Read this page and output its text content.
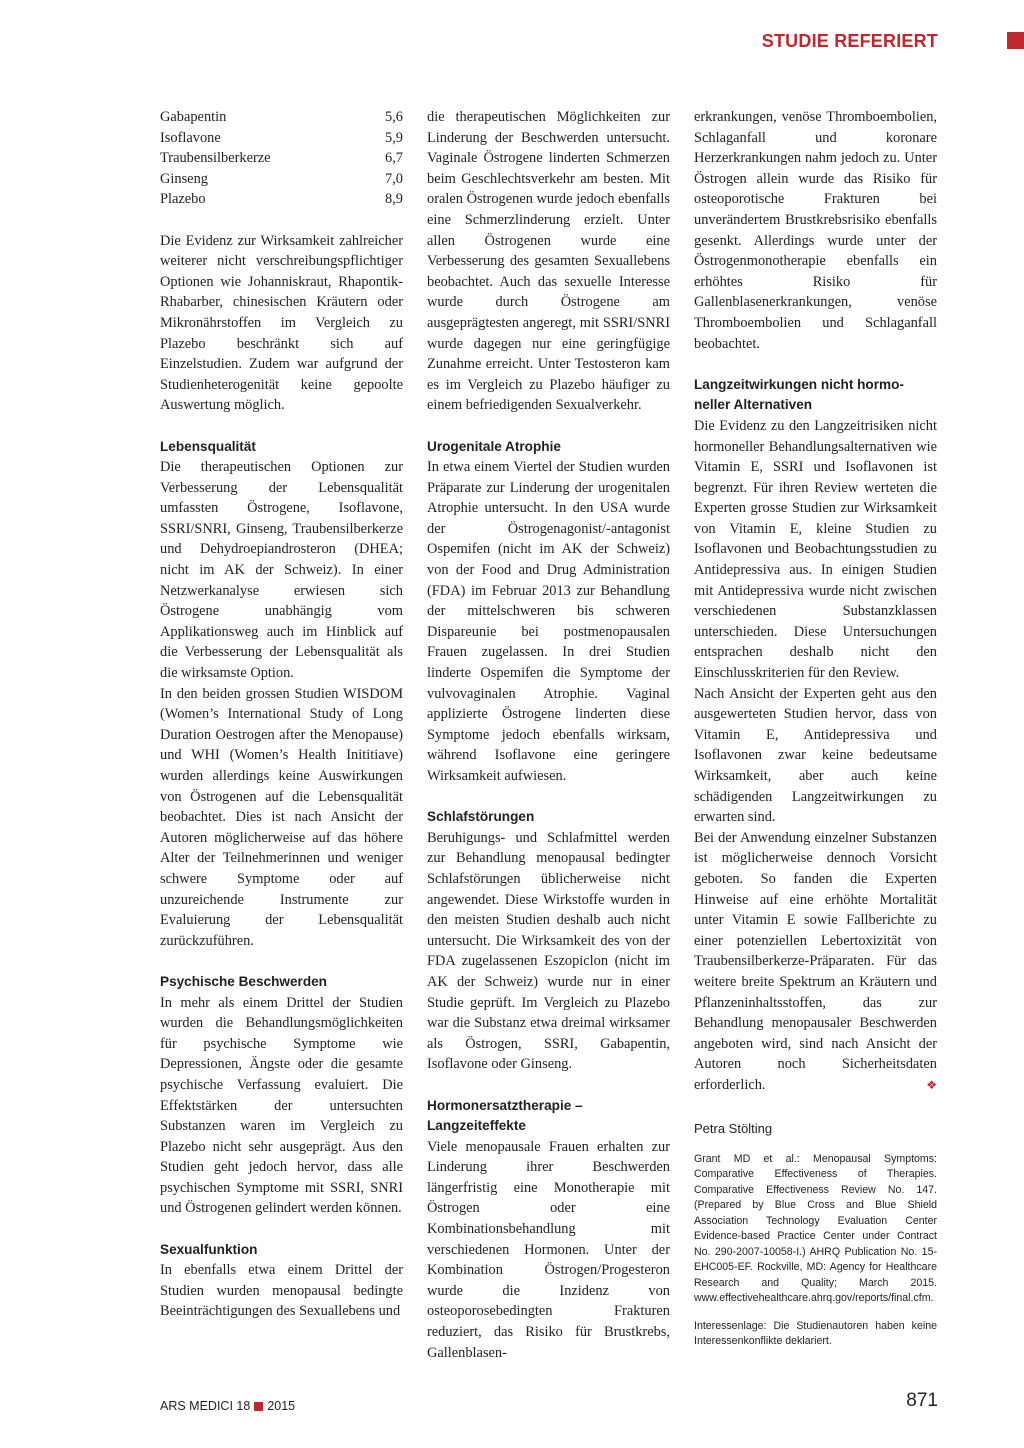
STUDIE REFERIERT
Gabapentin	5,6
Isoflavone	5,9
Traubensilberkerze	6,7
Ginseng	7,0
Plazebo	8,9

Die Evidenz zur Wirksamkeit zahlreicher weiterer nicht verschreibungspflichtiger Optionen wie Johanniskraut, Rhapontik-Rhabarber, chinesischen Kräutern oder Mikronährstoffen im Vergleich zu Plazebo beschränkt sich auf Einzelstudien. Zudem war aufgrund der Studienheterogenität keine gepoolte Auswertung möglich.

Lebensqualität

Die therapeutischen Optionen zur Verbesserung der Lebensqualität umfassten Östrogene, Isoflavone, SSRI/SNRI, Ginseng, Traubensilberkerze und Dehydroepiandrosteron (DHEA; nicht im AK der Schweiz). In einer Netzwerkanalyse erwiesen sich Östrogene unabhängig vom Applikationsweg auch im Hinblick auf die Verbesserung der Lebensqualität als die wirksamste Option.

In den beiden grossen Studien WISDOM (Women’s International Study of Long Duration Oestrogen after the Menopause) und WHI (Women’s Health Inititiave) wurden allerdings keine Auswirkungen von Östrogenen auf die Lebensqualität beobachtet. Dies ist nach Ansicht der Autoren möglicherweise auf das höhere Alter der Teilnehmerinnen und weniger schwere Symptome oder auf unzureichende Instrumente zur Evaluierung der Lebensqualität zurückzuführen.

Psychische Beschwerden

In mehr als einem Drittel der Studien wurden die Behandlungsmöglichkeiten für psychische Symptome wie Depressionen, Ängste oder die gesamte psychische Verfassung evaluiert. Die Effektstärken der untersuchten Substanzen waren im Vergleich zu Plazebo nicht sehr ausgeprägt. Aus den Studien geht jedoch hervor, dass alle psychischen Symptome mit SSRI, SNRI und Östrogenen gelindert werden können.

Sexualfunktion

In ebenfalls etwa einem Drittel der Studien wurden menopausal bedingte Beeinträchtigungen des Sexuallebens und

die therapeutischen Möglichkeiten zur Linderung der Beschwerden untersucht. Vaginale Östrogene linderten Schmerzen beim Geschlechtsverkehr am besten. Mit oralen Östrogenen wurde jedoch ebenfalls eine Schmerzlinderung erzielt. Unter allen Östrogenen wurde eine Verbesserung des gesamten Sexuallebens beobachtet. Auch das sexuelle Interesse wurde durch Östrogene am ausgeprägtesten angeregt, mit SSRI/SNRI wurde dagegen nur eine geringfügige Zunahme erreicht. Unter Testosteron kam es im Vergleich zu Plazebo häufiger zu einem befriedigenden Sexualverkehr.

Urogenitale Atrophie

In etwa einem Viertel der Studien wurden Präparate zur Linderung der urogenitalen Atrophie untersucht. In den USA wurde der Östrogenagonist/-antagonist Ospemifen (nicht im AK der Schweiz) von der Food and Drug Administration (FDA) im Februar 2013 zur Behandlung der mittelschweren bis schweren Dispareunie bei postmenopausalen Frauen zugelassen. In drei Studien linderte Ospemifen die Symptome der vulvovaginalen Atrophie. Vaginal applizierte Östrogene linderten diese Symptome jedoch ebenfalls wirksam, während Isoflavone eine geringere Wirksamkeit aufwiesen.

Schlafstörungen

Beruhigungs- und Schlafmittel werden zur Behandlung menopausal bedingter Schlafstörungen üblicherweise nicht angewendet. Diese Wirkstoffe wurden in den meisten Studien deshalb auch nicht untersucht. Die Wirksamkeit des von der FDA zugelassenen Eszopiclon (nicht im AK der Schweiz) wurde nur in einer Studie geprüft. Im Vergleich zu Plazebo war die Substanz etwa dreimal wirksamer als Östrogen, SSRI, Gabapentin, Isoflavone oder Ginseng.

Hormonersatztherapie –

Langzeiteffekte

Viele menopausale Frauen erhalten zur Linderung ihrer Beschwerden längerfristig eine Monotherapie mit Östrogen oder eine Kombinationsbehandlung mit verschiedenen Hormonen. Unter der Kombination Östrogen/Progesteron wurde die Inzidenz von osteoporosebedingten Frakturen reduziert, das Risiko für Brustkrebs, Gallenblasen-

erkrankungen, venöse Thromboembolien, Schlaganfall und koronare Herzerkrankungen nahm jedoch zu. Unter Östrogen allein wurde das Risiko für osteoporotische Frakturen bei unverändertem Brustkrebsrisiko ebenfalls gesenkt. Allerdings wurde unter der Östrogenmonotherapie ebenfalls ein erhöhtes Risiko für Gallenblasenerkrankungen, venöse Thromboembolien und Schlaganfall beobachtet.

Langzeitwirkungen nicht hormo-

neller Alternativen

Die Evidenz zu den Langzeitrisiken nicht hormoneller Behandlungsalternativen wie Vitamin E, SSRI und Isoflavonen ist begrenzt. Für ihren Review werteten die Experten grosse Studien zur Wirksamkeit von Vitamin E, kleine Studien zu Isoflavonen und Beobachtungsstudien zu Antidepressiva aus. In einigen Studien mit Antidepressiva wurde nicht zwischen verschiedenen Substanzklassen unterschieden. Diese Untersuchungen entsprachen deshalb nicht den Einschlusskriterien für den Review.

Nach Ansicht der Experten geht aus den ausgewerteten Studien hervor, dass von Vitamin E, Antidepressiva und Isoflavonen zwar keine bedeutsame Wirksamkeit, aber auch keine schädigenden Langzeitwirkungen zu erwarten sind.

Bei der Anwendung einzelner Substanzen ist möglicherweise dennoch Vorsicht geboten. So fanden die Experten Hinweise auf eine erhöhte Mortalität unter Vitamin E sowie Fallberichte zu einer potenziellen Lebertoxizität von Traubensilberkerze-Präparaten. Für das weitere breite Spektrum an Kräutern und Pflanzeninhaltsstoffen, das zur Behandlung menopausaler Beschwerden angeboten wird, sind nach Ansicht der Autoren noch Sicherheitsdaten erforderlich.	❖

Petra Stölting

Grant MD et al.: Menopausal Symptoms: Comparative Effectiveness of Therapies. Comparative Effectiveness Review No. 147. (Prepared by Blue Cross and Blue Shield Association Technology Evaluation Center Evidence-based Practice Center under Contract No. 290-2007-10058-I.) AHRQ Publication No. 15-EHC005-EF. Rockville, MD: Agency for Healthcare Research and Quality; March 2015. www.effectivehealthcare.ahrq.gov/reports/final.cfm.

Interessenlage: Die Studienautoren haben keine Interessenkonflikte deklariert.

ARS MEDICI 18 2015	871
